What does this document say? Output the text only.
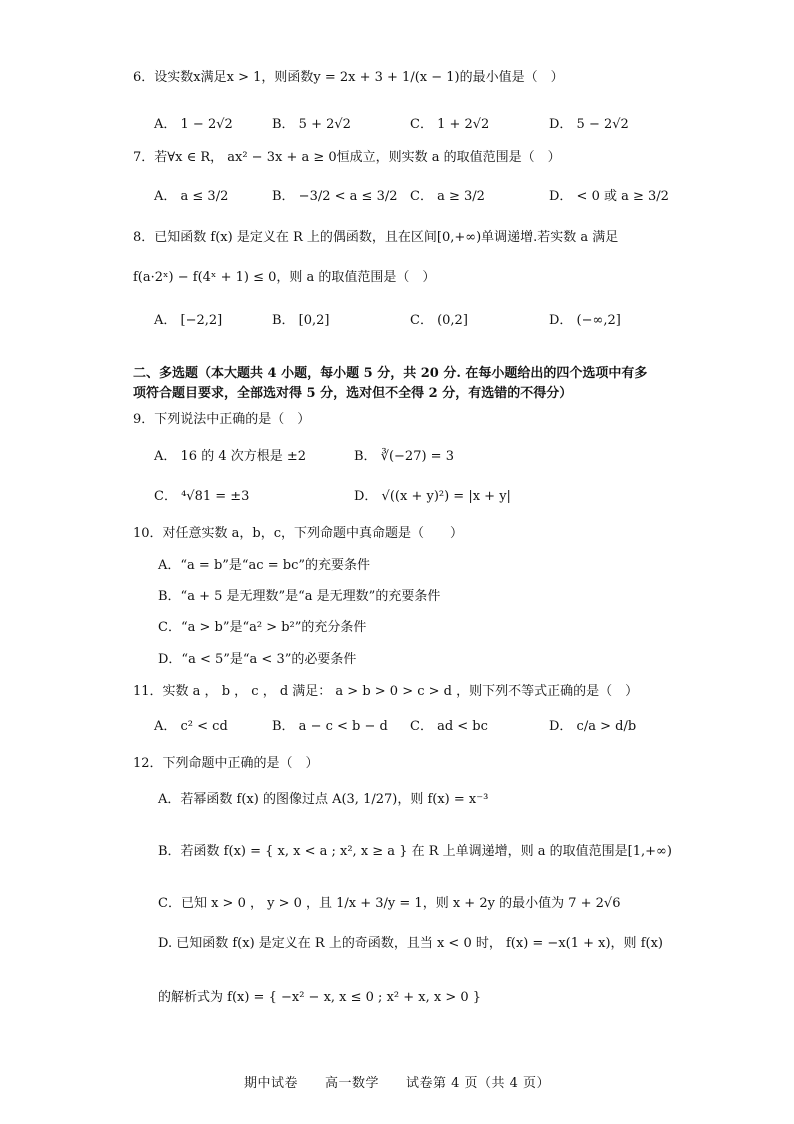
6．设实数x满足x > 1，则函数y = 2x + 3 + 1/(x − 1)的最小值是（　）
A． 1 − 2√2	B． 5 + 2√2	C． 1 + 2√2	D． 5 − 2√2
7．若∀x ∈ R， ax² − 3x + a ≥ 0恒成立，则实数 a 的取值范围是（　）
A． a ≤ 3/2	B． −3/2 < a ≤ 3/2 C． a ≥ 3/2	D． < 0 或 a ≥ 3/2
8．已知函数 f(x) 是定义在 R 上的偶函数，且在区间[0,+∞)单调递增.若实数 a 满足
f(a·2ˣ) − f(4ˣ + 1) ≤ 0，则 a 的取值范围是（　）
A． [−2,2]	B． [0,2]	C． (0,2]	D． (−∞,2]
二、多选题（本大题共 4 小题，每小题 5 分，共 20 分. 在每小题给出的四个选项中有多
项符合题目要求，全部选对得 5 分，选对但不全得 2 分，有选错的不得分）
9．下列说法中正确的是（　）
A． 16 的 4 次方根是 ±2	B． ∛(−27) = 3
C． ⁴√81 = ±3	D． √((x + y)²) = |x + y|
10．对任意实数 a，b，c，下列命题中真命题是（　　）
A．“a = b”是“ac = bc”的充要条件
B．“a + 5 是无理数”是“a 是无理数”的充要条件
C．“a > b”是“a² > b²”的充分条件
D．“a < 5”是“a < 3”的必要条件
11．实数 a ， b ， c ， d 满足： a > b > 0 > c > d ，则下列不等式正确的是（　）
A． c² < cd	B． a − c < b − d C． ad < bc	D． c/a > d/b
12．下列命题中正确的是（　）
A．若幂函数 f(x) 的图像过点 A(3, 1/27)，则 f(x) = x⁻³
B．若函数 f(x) = { x, x < a ; x², x ≥ a } 在 R 上单调递增，则 a 的取值范围是[1,+∞)
C．已知 x > 0 ， y > 0 ，且 1/x + 3/y = 1，则 x + 2y 的最小值为 7 + 2√6
D. 已知函数 f(x) 是定义在 R 上的奇函数，且当 x < 0 时， f(x) = −x(1 + x)，则 f(x)
的解析式为 f(x) = { −x² − x, x ≤ 0 ; x² + x, x > 0 }
期中试卷　　高一数学　　试卷第 4 页（共 4 页）
